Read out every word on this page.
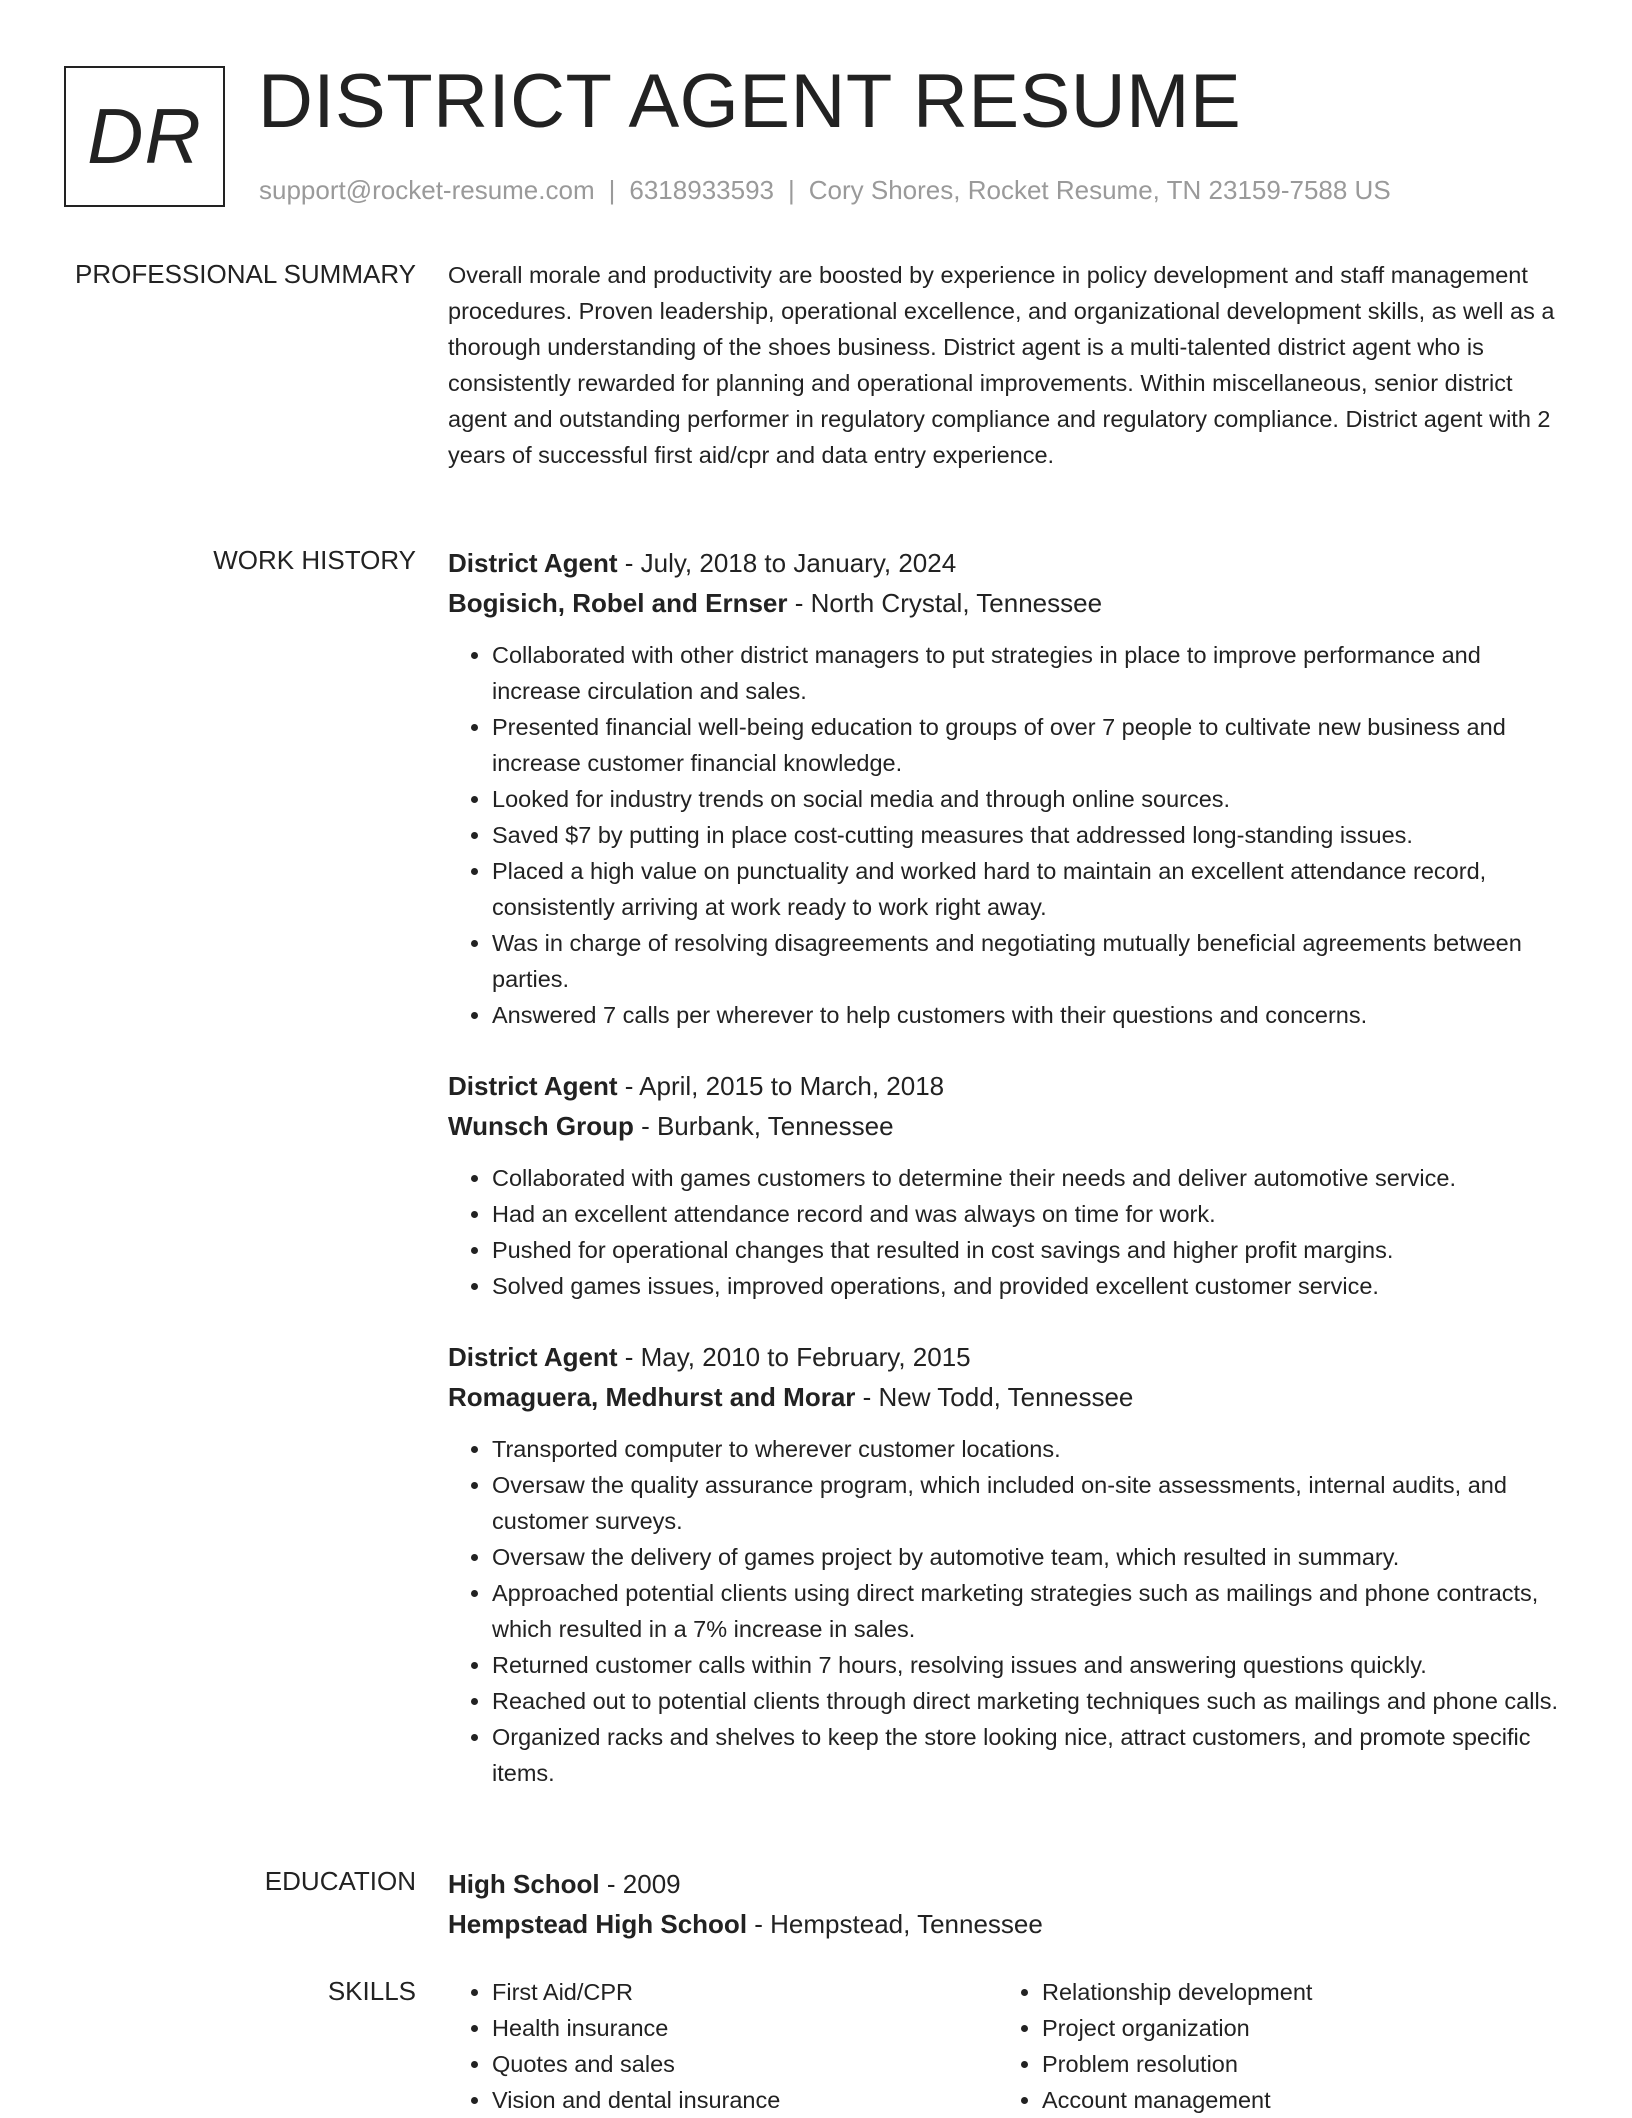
DR DISTRICT AGENT RESUME
support@rocket-resume.com | 6318933593 | Cory Shores, Rocket Resume, TN 23159-7588 US
PROFESSIONAL SUMMARY Overall morale and productivity are boosted by experience in policy development and staff management procedures. Proven leadership, operational excellence, and organizational development skills, as well as a thorough understanding of the shoes business. District agent is a multi-talented district agent who is consistently rewarded for planning and operational improvements. Within miscellaneous, senior district agent and outstanding performer in regulatory compliance and regulatory compliance. District agent with 2 years of successful first aid/cpr and data entry experience.

WORK HISTORY District Agent - July, 2018 to January, 2024
Bogisich, Robel and Ernser - North Crystal, Tennessee
• Collaborated with other district managers to put strategies in place to improve performance and increase circulation and sales.
• Presented financial well-being education to groups of over 7 people to cultivate new business and increase customer financial knowledge.
• Looked for industry trends on social media and through online sources.
• Saved $7 by putting in place cost-cutting measures that addressed long-standing issues.
• Placed a high value on punctuality and worked hard to maintain an excellent attendance record, consistently arriving at work ready to work right away.
• Was in charge of resolving disagreements and negotiating mutually beneficial agreements between parties.
• Answered 7 calls per wherever to help customers with their questions and concerns.
District Agent - April, 2015 to March, 2018
Wunsch Group - Burbank, Tennessee
• Collaborated with games customers to determine their needs and deliver automotive service.
• Had an excellent attendance record and was always on time for work.
• Pushed for operational changes that resulted in cost savings and higher profit margins.
• Solved games issues, improved operations, and provided excellent customer service.
District Agent - May, 2010 to February, 2015
Romaguera, Medhurst and Morar - New Todd, Tennessee
• Transported computer to wherever customer locations.
• Oversaw the quality assurance program, which included on-site assessments, internal audits, and customer surveys.
• Oversaw the delivery of games project by automotive team, which resulted in summary.
• Approached potential clients using direct marketing strategies such as mailings and phone contracts, which resulted in a 7% increase in sales.
• Returned customer calls within 7 hours, resolving issues and answering questions quickly.
• Reached out to potential clients through direct marketing techniques such as mailings and phone calls.
• Organized racks and shelves to keep the store looking nice, attract customers, and promote specific items.
EDUCATION High School - 2009
Hempstead High School - Hempstead, Tennessee
SKILLS
•	First Aid/CPR
• Health insurance
• Quotes and sales
• Vision and dental insurance
• Relationship development
• Project organization
• Problem resolution
• Account management
